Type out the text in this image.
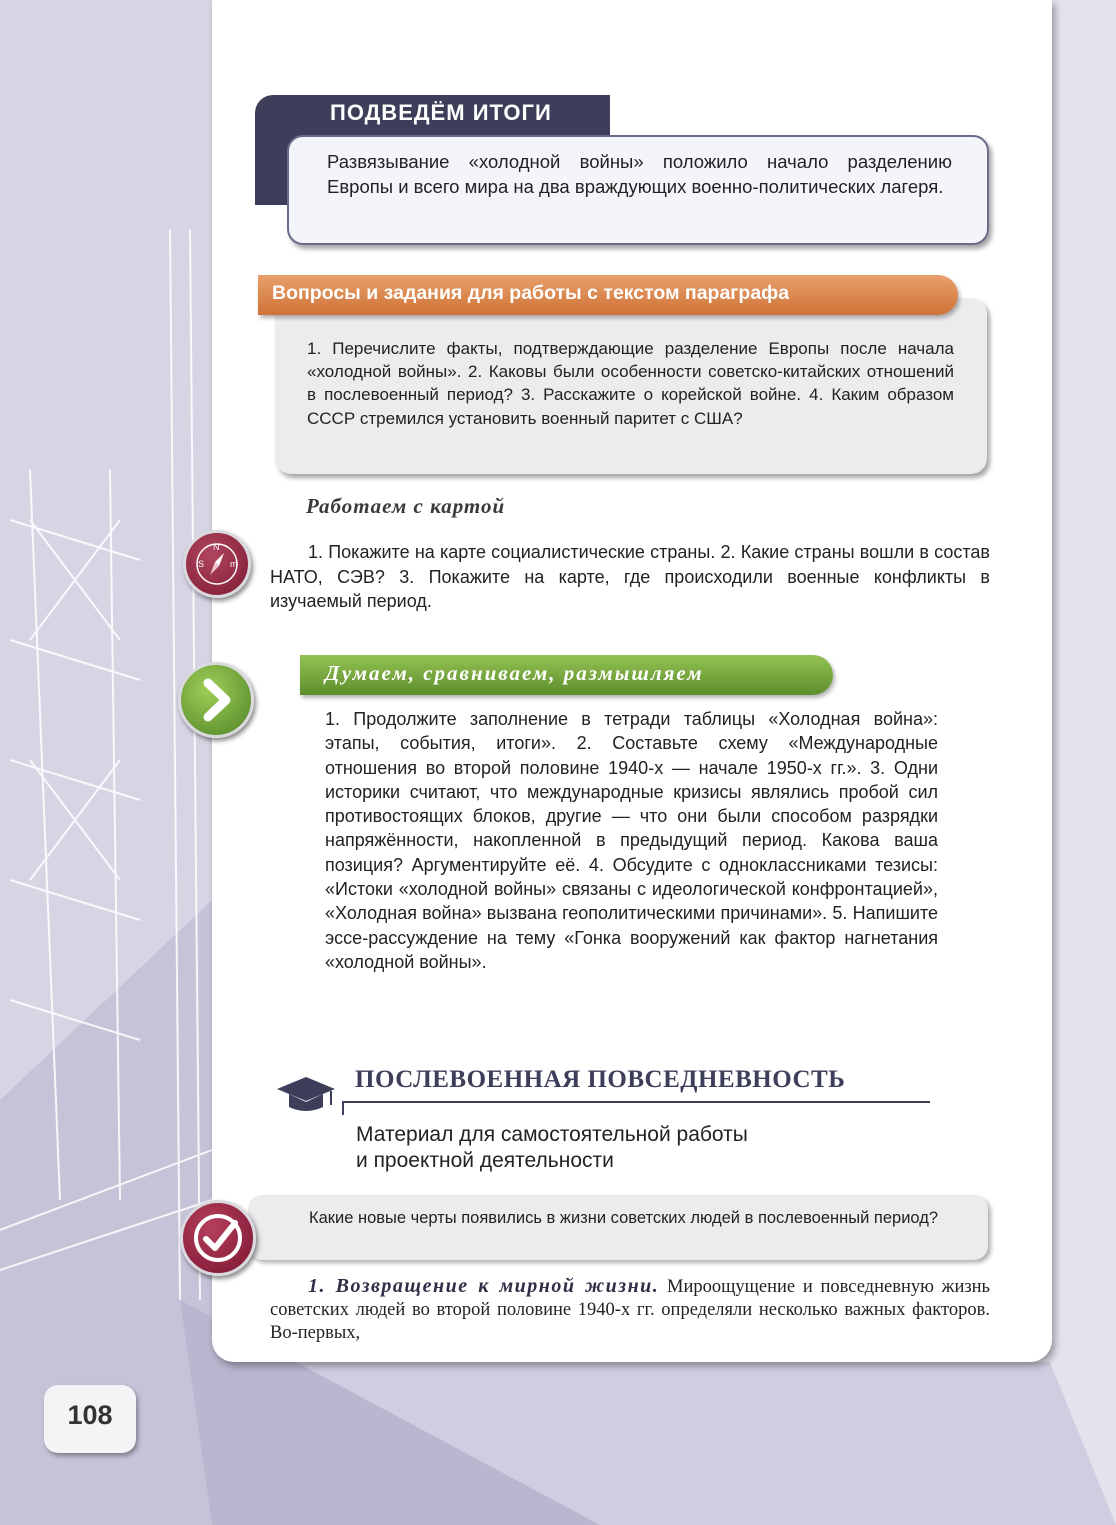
ПОДВЕДЁМ ИТОГИ
Развязывание «холодной войны» положило начало разделению Европы и всего мира на два враждующих военно-политических лагеря.
Вопросы и задания для работы с текстом параграфа
1. Перечислите факты, подтверждающие разделение Европы после начала «холодной войны». 2. Каковы были особенности советско-китайских отношений в послевоенный период? 3. Расскажите о корейской войне. 4. Каким образом СССР стремился установить военный паритет с США?
N
S	m
Работаем с картой
1. Покажите на карте социалистические страны. 2. Какие страны вошли в состав НАТО, СЭВ? 3. Покажите на карте, где происходили военные конфликты в изучаемый период.
Думаем, сравниваем, размышляем
1. Продолжите заполнение в тетради таблицы «Холодная война»: этапы, события, итоги». 2. Составьте схему «Международные отношения во второй половине 1940-х — начале 1950-х гг.». 3. Одни историки считают, что международные кризисы являлись пробой сил противостоящих блоков, другие — что они были способом разрядки напряжённости, накопленной в предыдущий период. Какова ваша позиция? Аргументируйте её. 4. Обсудите с одноклассниками тезисы: «Истоки «холодной войны» связаны с идеологической конфронтацией», «Холодная война» вызвана геополитическими причинами». 5. Напишите эссе-рассуждение на тему «Гонка вооружений как фактор нагнетания «холодной войны».
ПОСЛЕВОЕННАЯ ПОВСЕДНЕВНОСТЬ
Материал для самостоятельной работы
и проектной деятельности
Какие новые черты появились в жизни советских людей в послевоенный период?
1. Возвращение к мирной жизни. Мироощущение и повседневную жизнь советских людей во второй половине 1940-х гг. определяли несколько важных факторов. Во-первых,
108
